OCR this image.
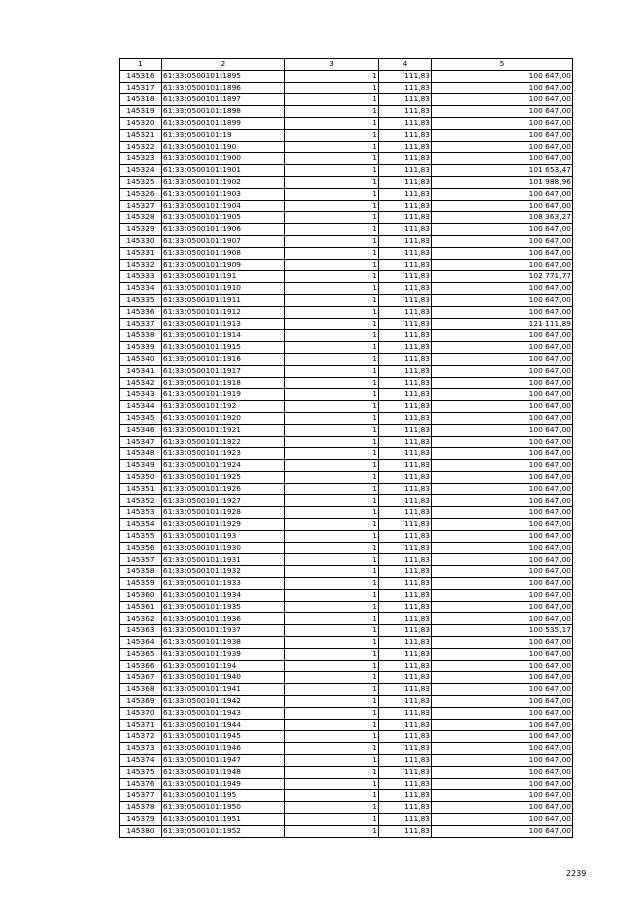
1	2	3	4	5
145316	61:33:0500101:1895	1	111,83	100 647,00
145317	61:33:0500101:1896	1	111,83	100 647,00
145318	61:33:0500101:1897	1	111,83	100 647,00
145319	61:33:0500101:1898	1	111,83	100 647,00
145320	61:33:0500101:1899	1	111,83	100 647,00
145321	61:33:0500101:19	1	111,83	100 647,00
145322	61:33:0500101:190	1	111,83	100 647,00
145323	61:33:0500101:1900	1	111,83	100 647,00
145324	61:33:0500101:1901	1	111,83	101 653,47
145325	61:33:0500101:1902	1	111,83	101 988,96
145326	61:33:0500101:1903	1	111,83	100 647,00
145327	61:33:0500101:1904	1	111,83	100 647,00
145328	61:33:0500101:1905	1	111,83	108 363,27
145329	61:33:0500101:1906	1	111,83	100 647,00
145330	61:33:0500101:1907	1	111,83	100 647,00
145331	61:33:0500101:1908	1	111,83	100 647,00
145332	61:33:0500101:1909	1	111,83	100 647,00
145333	61:33:0500101:191	1	111,83	102 771,77
145334	61:33:0500101:1910	1	111,83	100 647,00
145335	61:33:0500101:1911	1	111,83	100 647,00
145336	61:33:0500101:1912	1	111,83	100 647,00
145337	61:33:0500101:1913	1	111,83	121 111,89
145338	61:33:0500101:1914	1	111,83	100 647,00
145339	61:33:0500101:1915	1	111,83	100 647,00
145340	61:33:0500101:1916	1	111,83	100 647,00
145341	61:33:0500101:1917	1	111,83	100 647,00
145342	61:33:0500101:1918	1	111,83	100 647,00
145343	61:33:0500101:1919	1	111,83	100 647,00
145344	61:33:0500101:192	1	111,83	100 647,00
145345	61:33:0500101:1920	1	111,83	100 647,00
145346	61:33:0500101:1921	1	111,83	100 647,00
145347	61:33:0500101:1922	1	111,83	100 647,00
145348	61:33:0500101:1923	1	111,83	100 647,00
145349	61:33:0500101:1924	1	111,83	100 647,00
145350	61:33:0500101:1925	1	111,83	100 647,00
145351	61:33:0500101:1926	1	111,83	100 647,00
145352	61:33:0500101:1927	1	111,83	100 647,00
145353	61:33:0500101:1928	1	111,83	100 647,00
145354	61:33:0500101:1929	1	111,83	100 647,00
145355	61:33:0500101:193	1	111,83	100 647,00
145356	61:33:0500101:1930	1	111,83	100 647,00
145357	61:33:0500101:1931	1	111,83	100 647,00
145358	61:33:0500101:1932	1	111,83	100 647,00
145359	61:33:0500101:1933	1	111,83	100 647,00
145360	61:33:0500101:1934	1	111,83	100 647,00
145361	61:33:0500101:1935	1	111,83	100 647,00
145362	61:33:0500101:1936	1	111,83	100 647,00
145363	61:33:0500101:1937	1	111,83	100 535,17
145364	61:33:0500101:1938	1	111,83	100 647,00
145365	61:33:0500101:1939	1	111,83	100 647,00
145366	61:33:0500101:194	1	111,83	100 647,00
145367	61:33:0500101:1940	1	111,83	100 647,00
145368	61:33:0500101:1941	1	111,83	100 647,00
145369	61:33:0500101:1942	1	111,83	100 647,00
145370	61:33:0500101:1943	1	111,83	100 647,00
145371	61:33:0500101:1944	1	111,83	100 647,00
145372	61:33:0500101:1945	1	111,83	100 647,00
145373	61:33:0500101:1946	1	111,83	100 647,00
145374	61:33:0500101:1947	1	111,83	100 647,00
145375	61:33:0500101:1948	1	111,83	100 647,00
145376	61:33:0500101:1949	1	111,83	100 647,00
145377	61:33:0500101:195	1	111,83	100 647,00
145378	61:33:0500101:1950	1	111,83	100 647,00
145379	61:33:0500101:1951	1	111,83	100 647,00
145380	61:33:0500101:1952	1	111,83	100 647,00
2239
